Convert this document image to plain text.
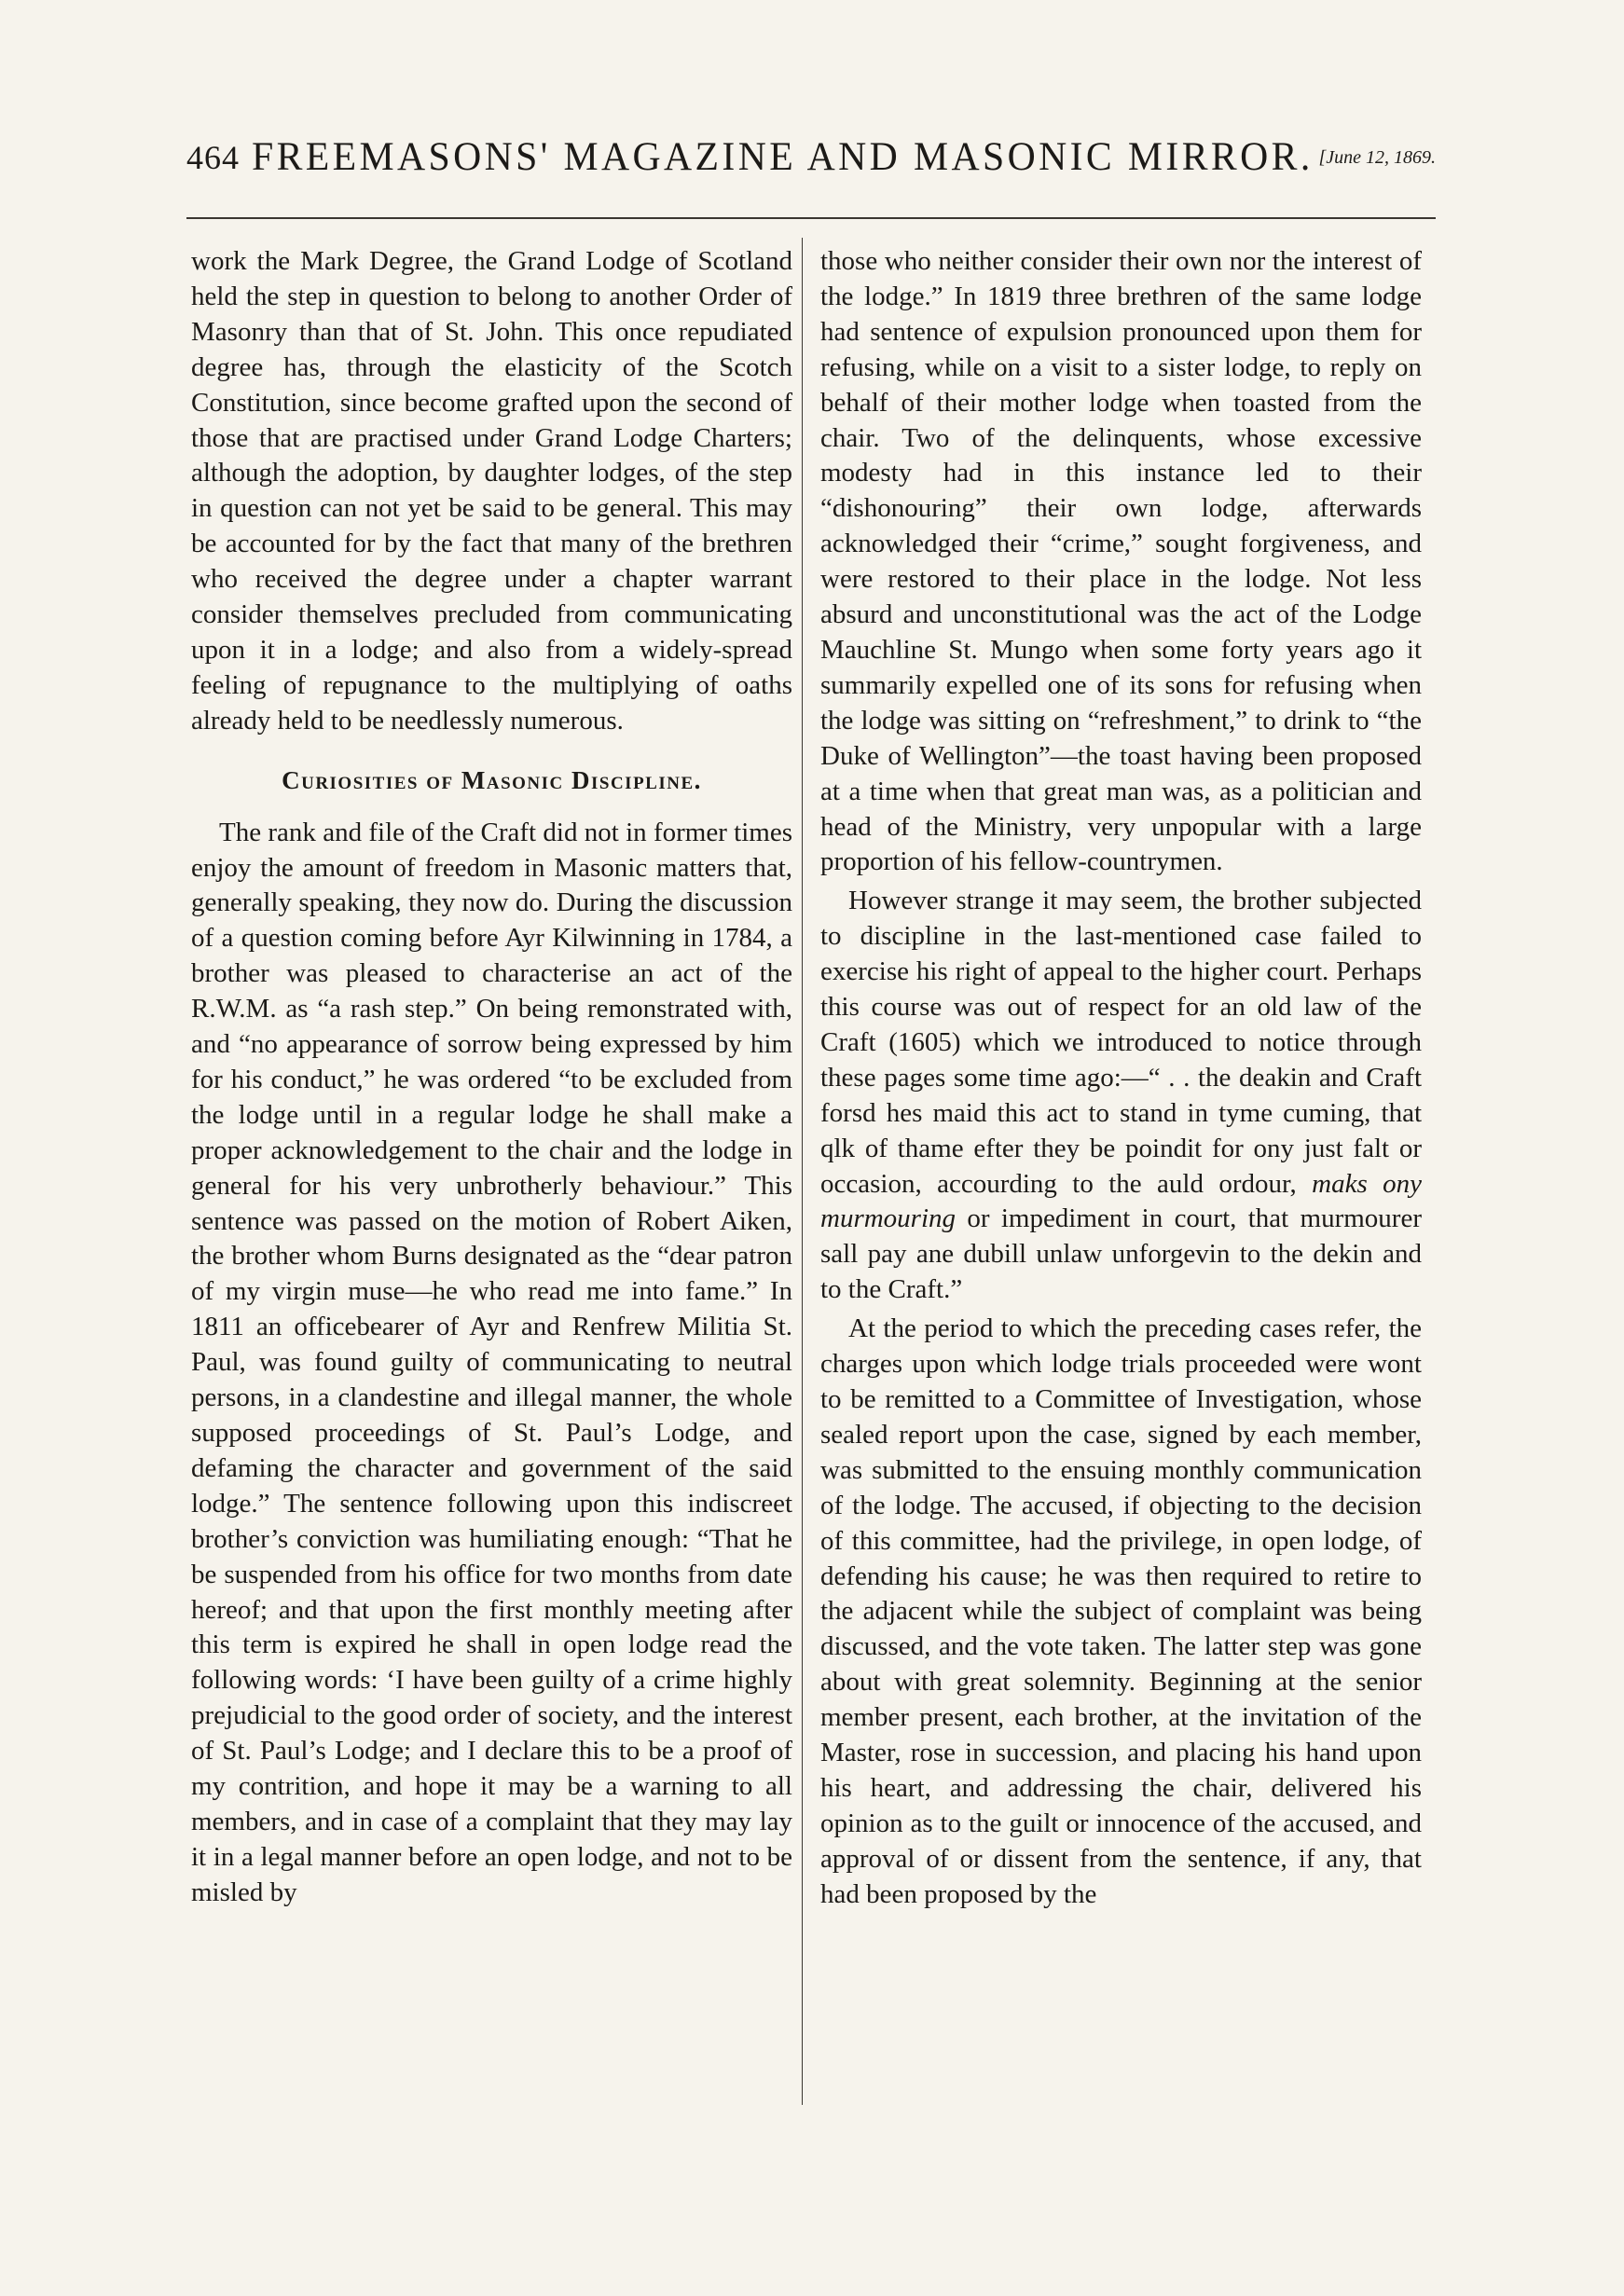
464 FREEMASONS' MAGAZINE AND MASONIC MIRROR. [June 12, 1869.

work the Mark Degree, the Grand Lodge of Scotland held the step in question to belong to another Order of Masonry than that of St. John. This once repudiated degree has, through the elasticity of the Scotch Constitution, since become grafted upon the second of those that are practised under Grand Lodge Charters; although the adoption, by daughter lodges, of the step in question can not yet be said to be general. This may be accounted for by the fact that many of the brethren who received the degree under a chapter warrant consider themselves precluded from communicating upon it in a lodge; and also from a widely-spread feeling of repugnance to the multiplying of oaths already held to be needlessly numerous.

Curiosities of Masonic Discipline.

The rank and file of the Craft did not in former times enjoy the amount of freedom in Masonic matters that, generally speaking, they now do. During the discussion of a question coming before Ayr Kilwinning in 1784, a brother was pleased to characterise an act of the R.W.M. as “a rash step.” On being remonstrated with, and “no appearance of sorrow being expressed by him for his conduct,” he was ordered “to be excluded from the lodge until in a regular lodge he shall make a proper acknowledgement to the chair and the lodge in general for his very unbrotherly behaviour.” This sentence was passed on the motion of Robert Aiken, the brother whom Burns designated as the “dear patron of my virgin muse—he who read me into fame.” In 1811 an officebearer of Ayr and Renfrew Militia St. Paul, was found guilty of communicating to neutral persons, in a clandestine and illegal manner, the whole supposed proceedings of St. Paul’s Lodge, and defaming the character and government of the said lodge.” The sentence following upon this indiscreet brother’s conviction was humiliating enough: “That he be suspended from his office for two months from date hereof; and that upon the first monthly meeting after this term is expired he shall in open lodge read the following words: ‘I have been guilty of a crime highly prejudicial to the good order of society, and the interest of St. Paul’s Lodge; and I declare this to be a proof of my contrition, and hope it may be a warning to all members, and in case of a complaint that they may lay it in a legal manner before an open lodge, and not to be misled by

those who neither consider their own nor the interest of the lodge.” In 1819 three brethren of the same lodge had sentence of expulsion pronounced upon them for refusing, while on a visit to a sister lodge, to reply on behalf of their mother lodge when toasted from the chair. Two of the delinquents, whose excessive modesty had in this instance led to their “dishonouring” their own lodge, afterwards acknowledged their “crime,” sought forgiveness, and were restored to their place in the lodge. Not less absurd and unconstitutional was the act of the Lodge Mauchline St. Mungo when some forty years ago it summarily expelled one of its sons for refusing when the lodge was sitting on “refreshment,” to drink to “the Duke of Wellington”—the toast having been proposed at a time when that great man was, as a politician and head of the Ministry, very unpopular with a large proportion of his fellow-countrymen.

However strange it may seem, the brother subjected to discipline in the last-mentioned case failed to exercise his right of appeal to the higher court. Perhaps this course was out of respect for an old law of the Craft (1605) which we introduced to notice through these pages some time ago:—“ . . the deakin and Craft forsd hes maid this act to stand in tyme cuming, that qlk of thame efter they be poindit for ony just falt or occasion, accourding to the auld ordour, maks ony murmouring or impediment in court, that murmourer sall pay ane dubill unlaw unforgevin to the dekin and to the Craft.”

At the period to which the preceding cases refer, the charges upon which lodge trials proceeded were wont to be remitted to a Committee of Investigation, whose sealed report upon the case, signed by each member, was submitted to the ensuing monthly communication of the lodge. The accused, if objecting to the decision of this committee, had the privilege, in open lodge, of defending his cause; he was then required to retire to the adjacent while the subject of complaint was being discussed, and the vote taken. The latter step was gone about with great solemnity. Beginning at the senior member present, each brother, at the invitation of the Master, rose in succession, and placing his hand upon his heart, and addressing the chair, delivered his opinion as to the guilt or innocence of the accused, and approval of or dissent from the sentence, if any, that had been proposed by the
